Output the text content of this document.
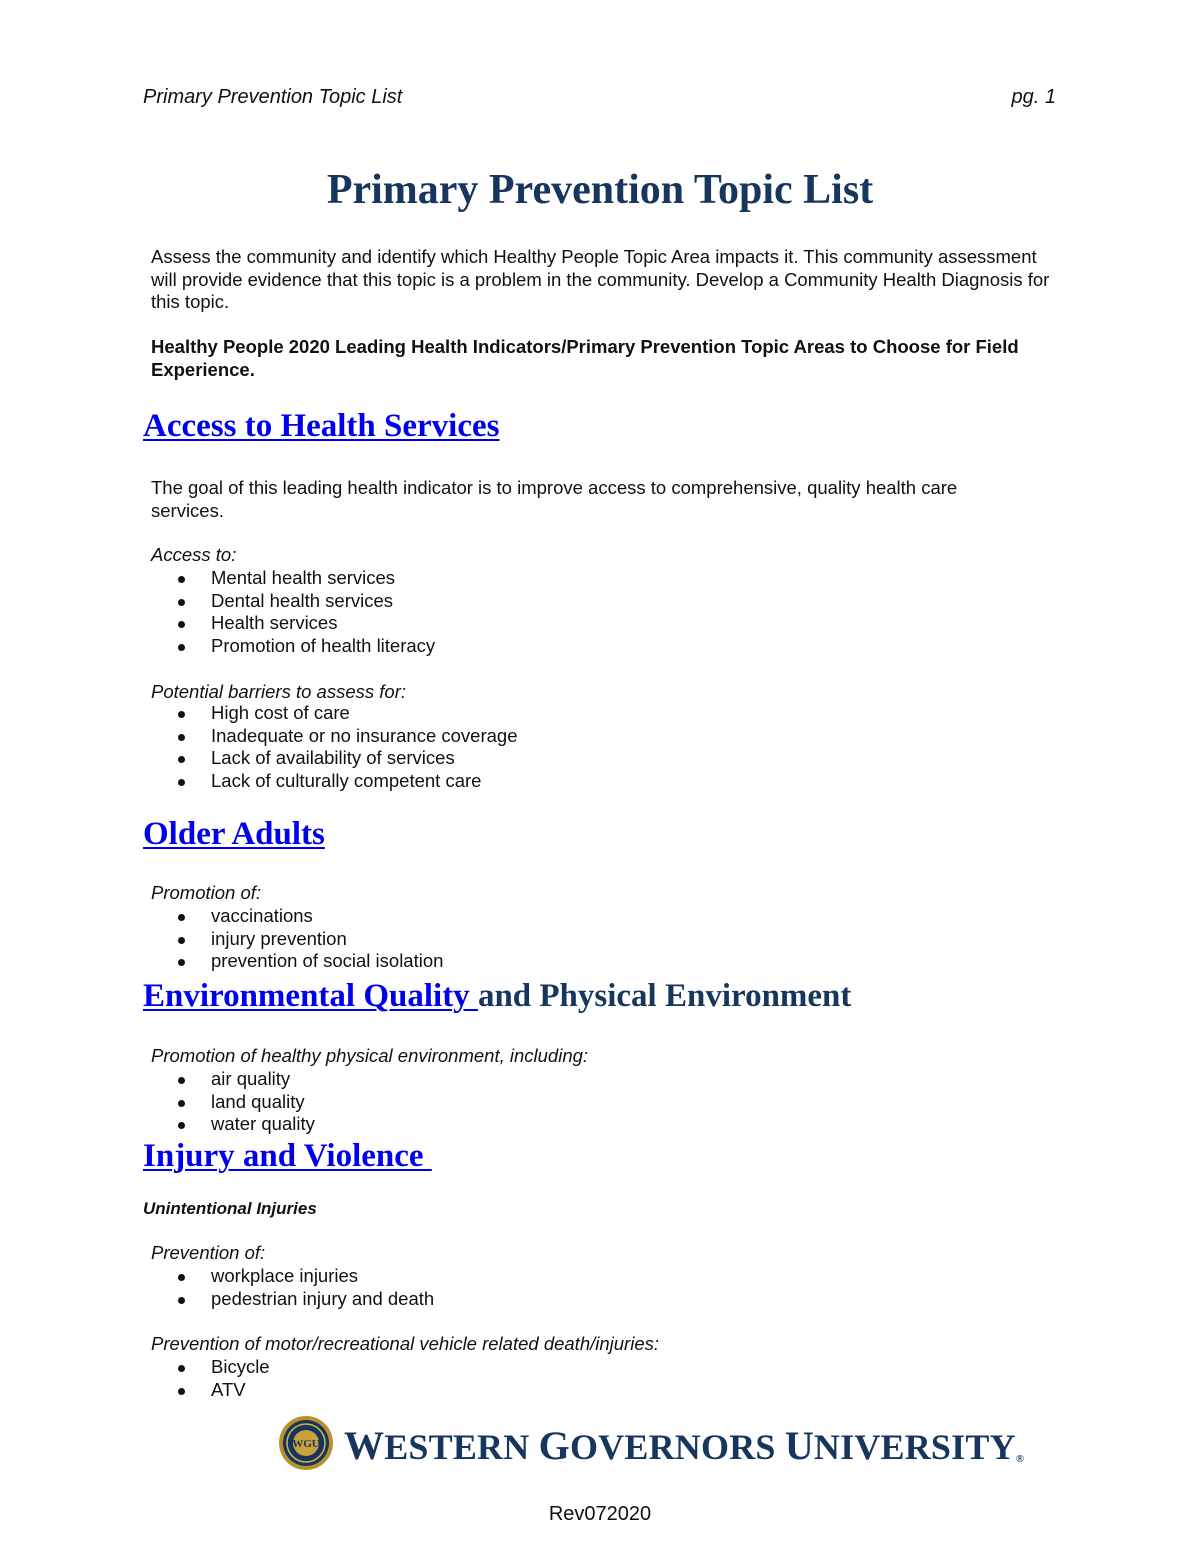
Primary Prevention Topic List	pg. 1
Primary Prevention Topic List
Assess the community and identify which Healthy People Topic Area impacts it. This community assessment will provide evidence that this topic is a problem in the community. Develop a Community Health Diagnosis for this topic.
Healthy People 2020 Leading Health Indicators/Primary Prevention Topic Areas to Choose for Field Experience.
Access to Health Services
The goal of this leading health indicator is to improve access to comprehensive, quality health care services.
Access to:
Mental health services
Dental health services
Health services
Promotion of health literacy
Potential barriers to assess for:
High cost of care
Inadequate or no insurance coverage
Lack of availability of services
Lack of culturally competent care
Older Adults
Promotion of:
vaccinations
injury prevention
prevention of social isolation
Environmental Quality and Physical Environment
Promotion of healthy physical environment, including:
air quality
land quality
water quality
Injury and Violence
Unintentional Injuries
Prevention of:
workplace injuries
pedestrian injury and death
Prevention of motor/recreational vehicle related death/injuries:
Bicycle
ATV
WGU WESTERN GOVERNORS UNIVERSITY®
Rev072020
